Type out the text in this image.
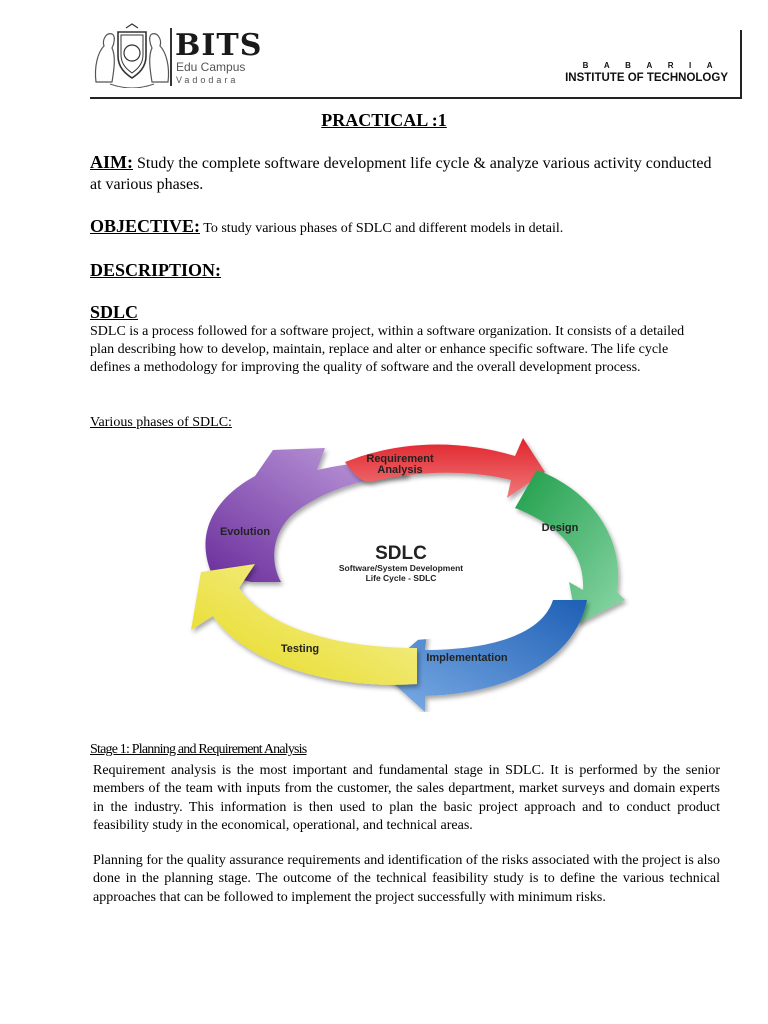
BITS
Edu Campus
Vadodara
BABARIA
INSTITUTE OF TECHNOLOGY
PRACTICAL :1
AIM: Study the complete software development life cycle & analyze various activity conducted at various phases.
OBJECTIVE: To study various phases of SDLC and different models in detail.
DESCRIPTION:
SDLC
SDLC is a process followed for a software project, within a software organization. It consists of a detailed plan describing how to develop, maintain, replace and alter or enhance specific software. The life cycle defines a methodology for improving the quality of software and the overall development process.
Various phases of SDLC:
SDLC
Software/System Development
Life Cycle - SDLC
Requirement
Analysis
Design
Implementation
Testing
Evolution
Stage 1: Planning and Requirement Analysis
Requirement analysis is the most important and fundamental stage in SDLC. It is performed by the senior members of the team with inputs from the customer, the sales department, market surveys and domain experts in the industry. This information is then used to plan the basic project approach and to conduct product feasibility study in the economical, operational, and technical areas.
Planning for the quality assurance requirements and identification of the risks associated with the project is also done in the planning stage. The outcome of the technical feasibility study is to define the various technical approaches that can be followed to implement the project successfully with minimum risks.
